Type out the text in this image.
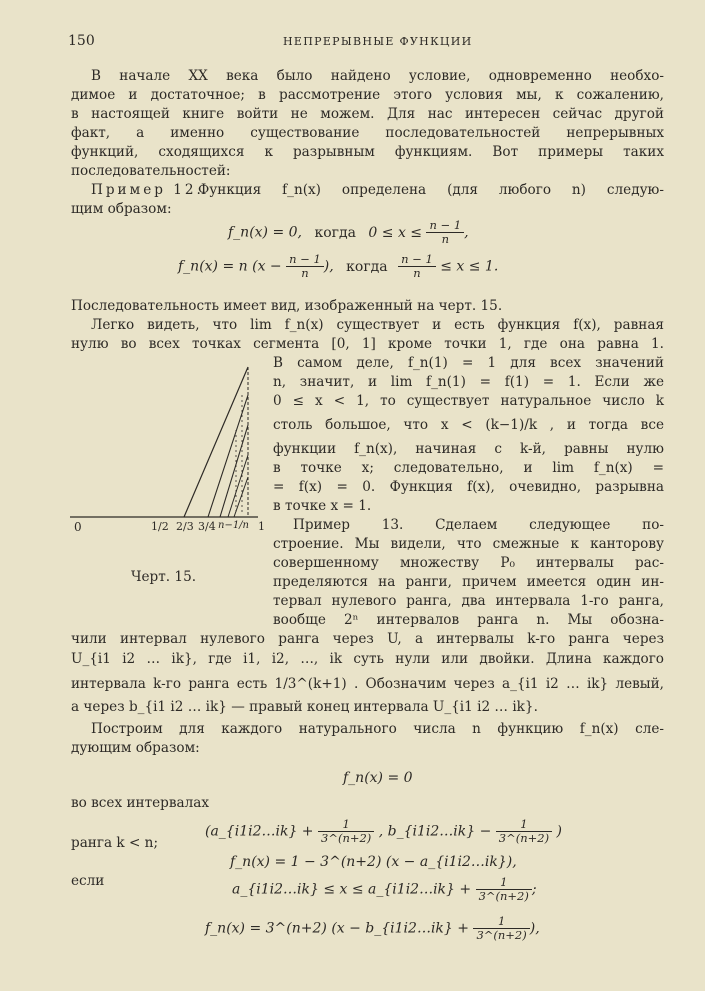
150	НЕПРЕРЫВНЫЕ ФУНКЦИИ
В начале XX века было найдено условие, одновременно необхо-
димое и достаточное; в рассмотрение этого условия мы, к сожалению,
в настоящей книге войти не можем. Для нас интересен сейчас другой
факт, а именно существование последовательностей непрерывных
функций, сходящихся к разрывным функциям. Вот примеры таких
последовательностей:
Пример 12.
Функция f_n(x) определена (для любого n) следую-
щим образом:
f_n(x) = 0, когда $0 \le x \le \frac{n - 1}{n}$ ,
f_n(x) = n ($x - \frac{n - 1}{n}$ ), когда $\frac{n - 1}{n} \le x \le 1$.
Последовательность имеет вид, изображенный на черт. 15.
Легко видеть, что lim f_n(x) существует и есть функция f(x), равная
нулю во всех точках сегмента [0, 1] кроме точки 1, где она равна 1.
В самом деле, f_n(1) = 1 для всех значений
n, значит, и lim f_n(1) = f(1) = 1. Если же
0 ≤ x < 1, то существует натуральное число k
столь большое, что x < (k−1)/k , и тогда все
функции f_n(x), начиная с k-й, равны нулю
в точке x; следовательно, и lim f_n(x) =
= f(x) = 0. Функция f(x), очевидно, разрывна
в точке x = 1.
Пример 13. Сделаем следующее по-
строение. Мы видели, что смежные к канторову
совершенному множеству P₀ интервалы рас-
пределяются на ранги, причем имеется один ин-
тервал нулевого ранга, два интервала 1-го ранга,
вообще 2ⁿ интервалов ранга n. Мы обозна-
0	1/2 2/3 3/4 n−1/n 1
Черт. 15.
чили интервал нулевого ранга через U, а интервалы k-го ранга через
U_{i1 i2 … ik}, где i1, i2, …, ik суть нули или двойки. Длина каждого
интервала k-го ранга есть 1/3^(k+1) . Обозначим через a_{i1 i2 … ik} левый,
а через b_{i1 i2 … ik} — правый конец интервала U_{i1 i2 … ik}.
Построим для каждого натурального числа n функцию f_n(x) сле-
дующим образом:
f_n(x) = 0
во всех интервалах
(a_{i1i2…ik} + $\frac{1}{3\^{}(n+2)}$ , b_{i1i2…ik} − $\frac{1}{3\^{}(n+2)}$ )
ранга k < n;
f_n(x) = 1 − 3^(n+2) (x − a_{i1i2…ik}),
если
a_{i1i2…ik} ≤ x ≤ a_{i1i2…ik} + $\frac{1}{3\^{}(n+2)}$ ;
f_n(x) = 3^(n+2) (x − b_{i1i2…ik} + $\frac{1}{3\^{}(n+2)}$ ),
